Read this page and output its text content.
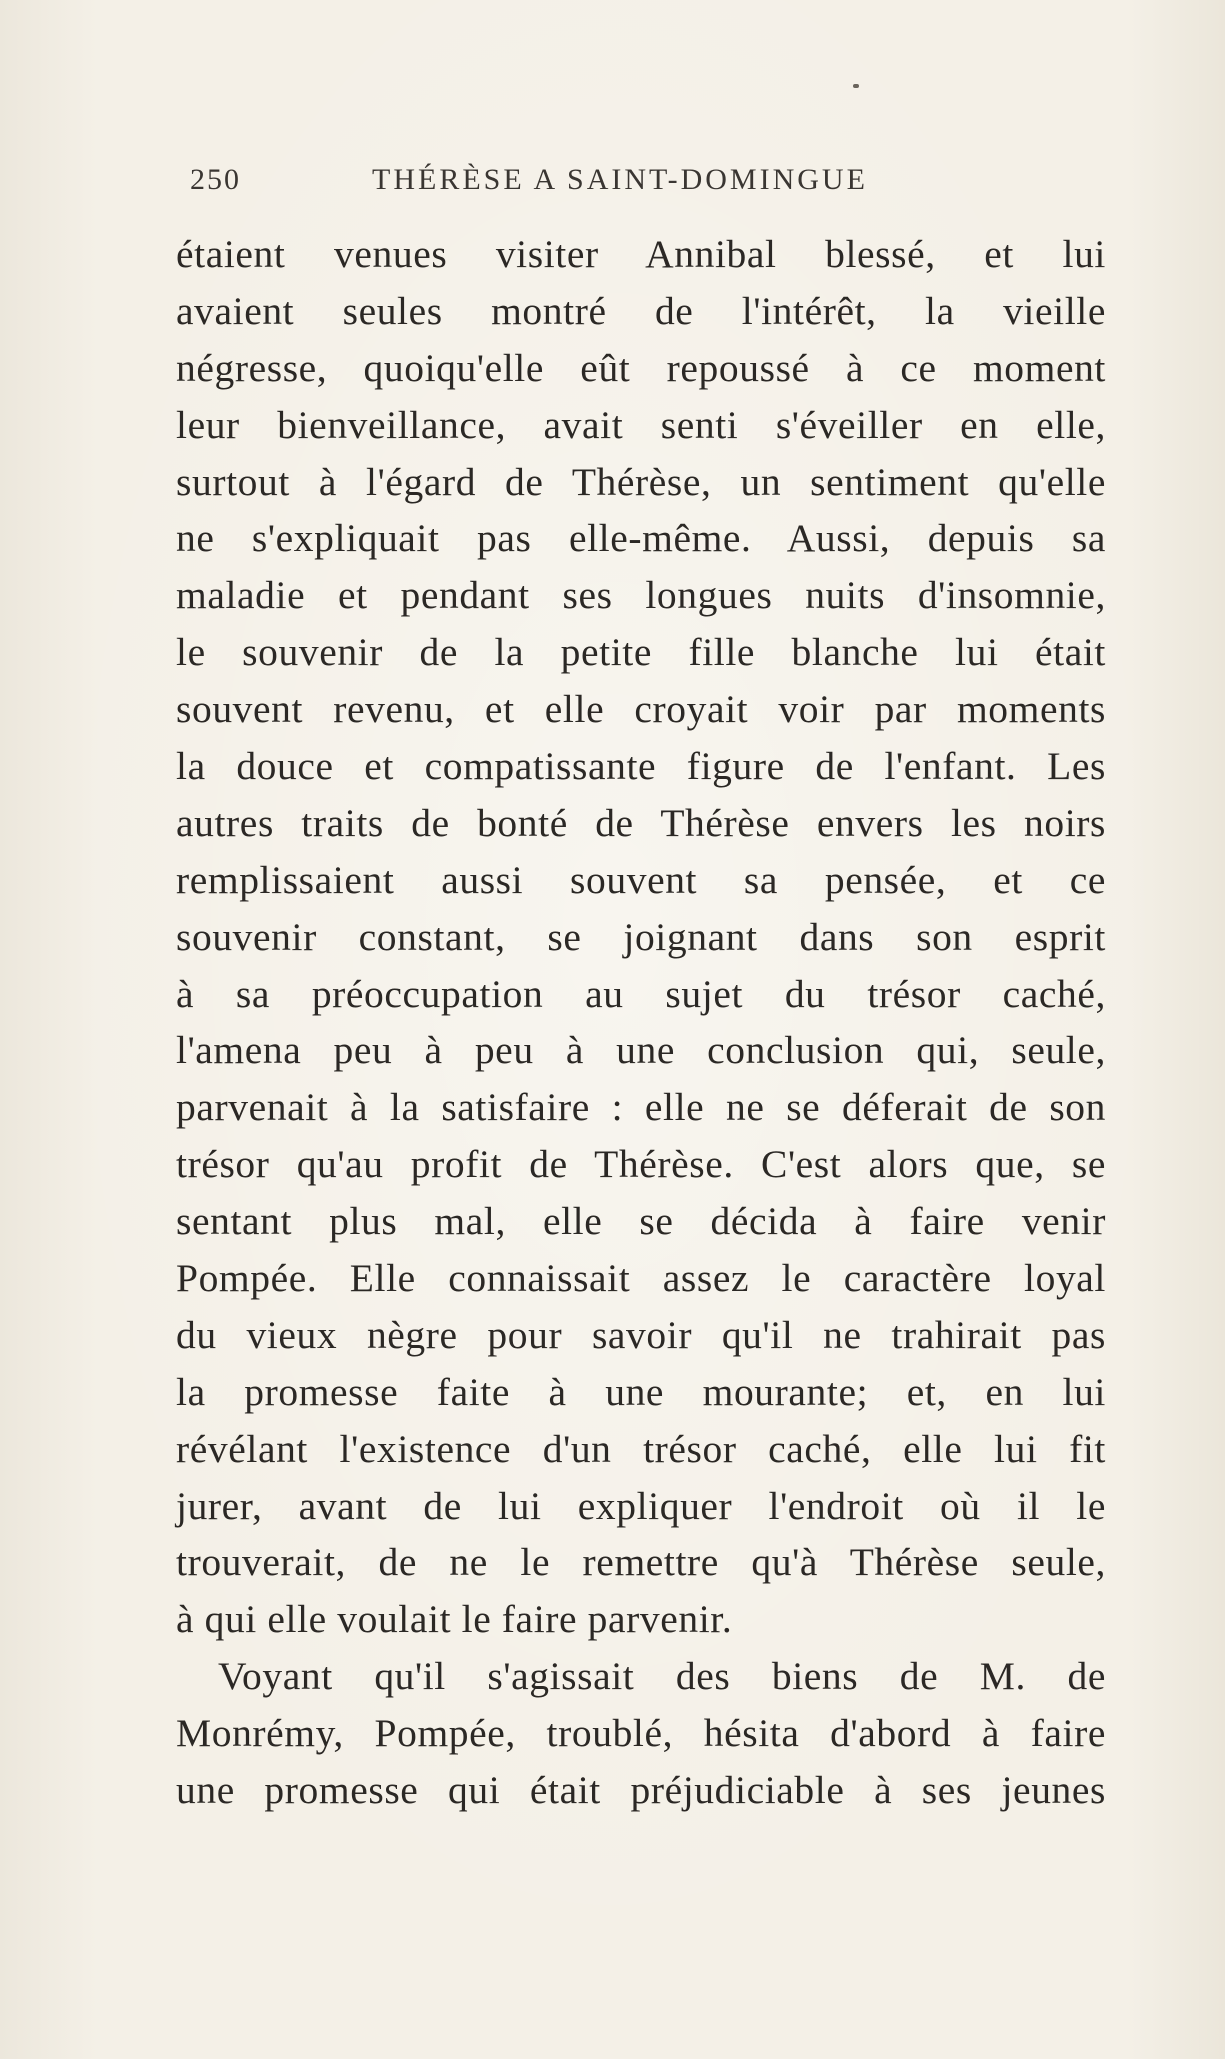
250	THÉRÈSE A SAINT-DOMINGUE
étaient venues visiter Annibal blessé, et lui
avaient seules montré de l'intérêt, la vieille
négresse, quoiqu'elle eût repoussé à ce moment
leur bienveillance, avait senti s'éveiller en elle,
surtout à l'égard de Thérèse, un sentiment qu'elle
ne s'expliquait pas elle-même. Aussi, depuis sa
maladie et pendant ses longues nuits d'insomnie,
le souvenir de la petite fille blanche lui était
souvent revenu, et elle croyait voir par moments
la douce et compatissante figure de l'enfant. Les
autres traits de bonté de Thérèse envers les noirs
remplissaient aussi souvent sa pensée, et ce
souvenir constant, se joignant dans son esprit
à sa préoccupation au sujet du trésor caché,
l'amena peu à peu à une conclusion qui, seule,
parvenait à la satisfaire : elle ne se déferait de son
trésor qu'au profit de Thérèse. C'est alors que, se
sentant plus mal, elle se décida à faire venir
Pompée. Elle connaissait assez le caractère loyal
du vieux nègre pour savoir qu'il ne trahirait pas
la promesse faite à une mourante; et, en lui
révélant l'existence d'un trésor caché, elle lui fit
jurer, avant de lui expliquer l'endroit où il le
trouverait, de ne le remettre qu'à Thérèse seule,
à qui elle voulait le faire parvenir.
Voyant qu'il s'agissait des biens de M. de
Monrémy, Pompée, troublé, hésita d'abord à faire
une promesse qui était préjudiciable à ses jeunes
